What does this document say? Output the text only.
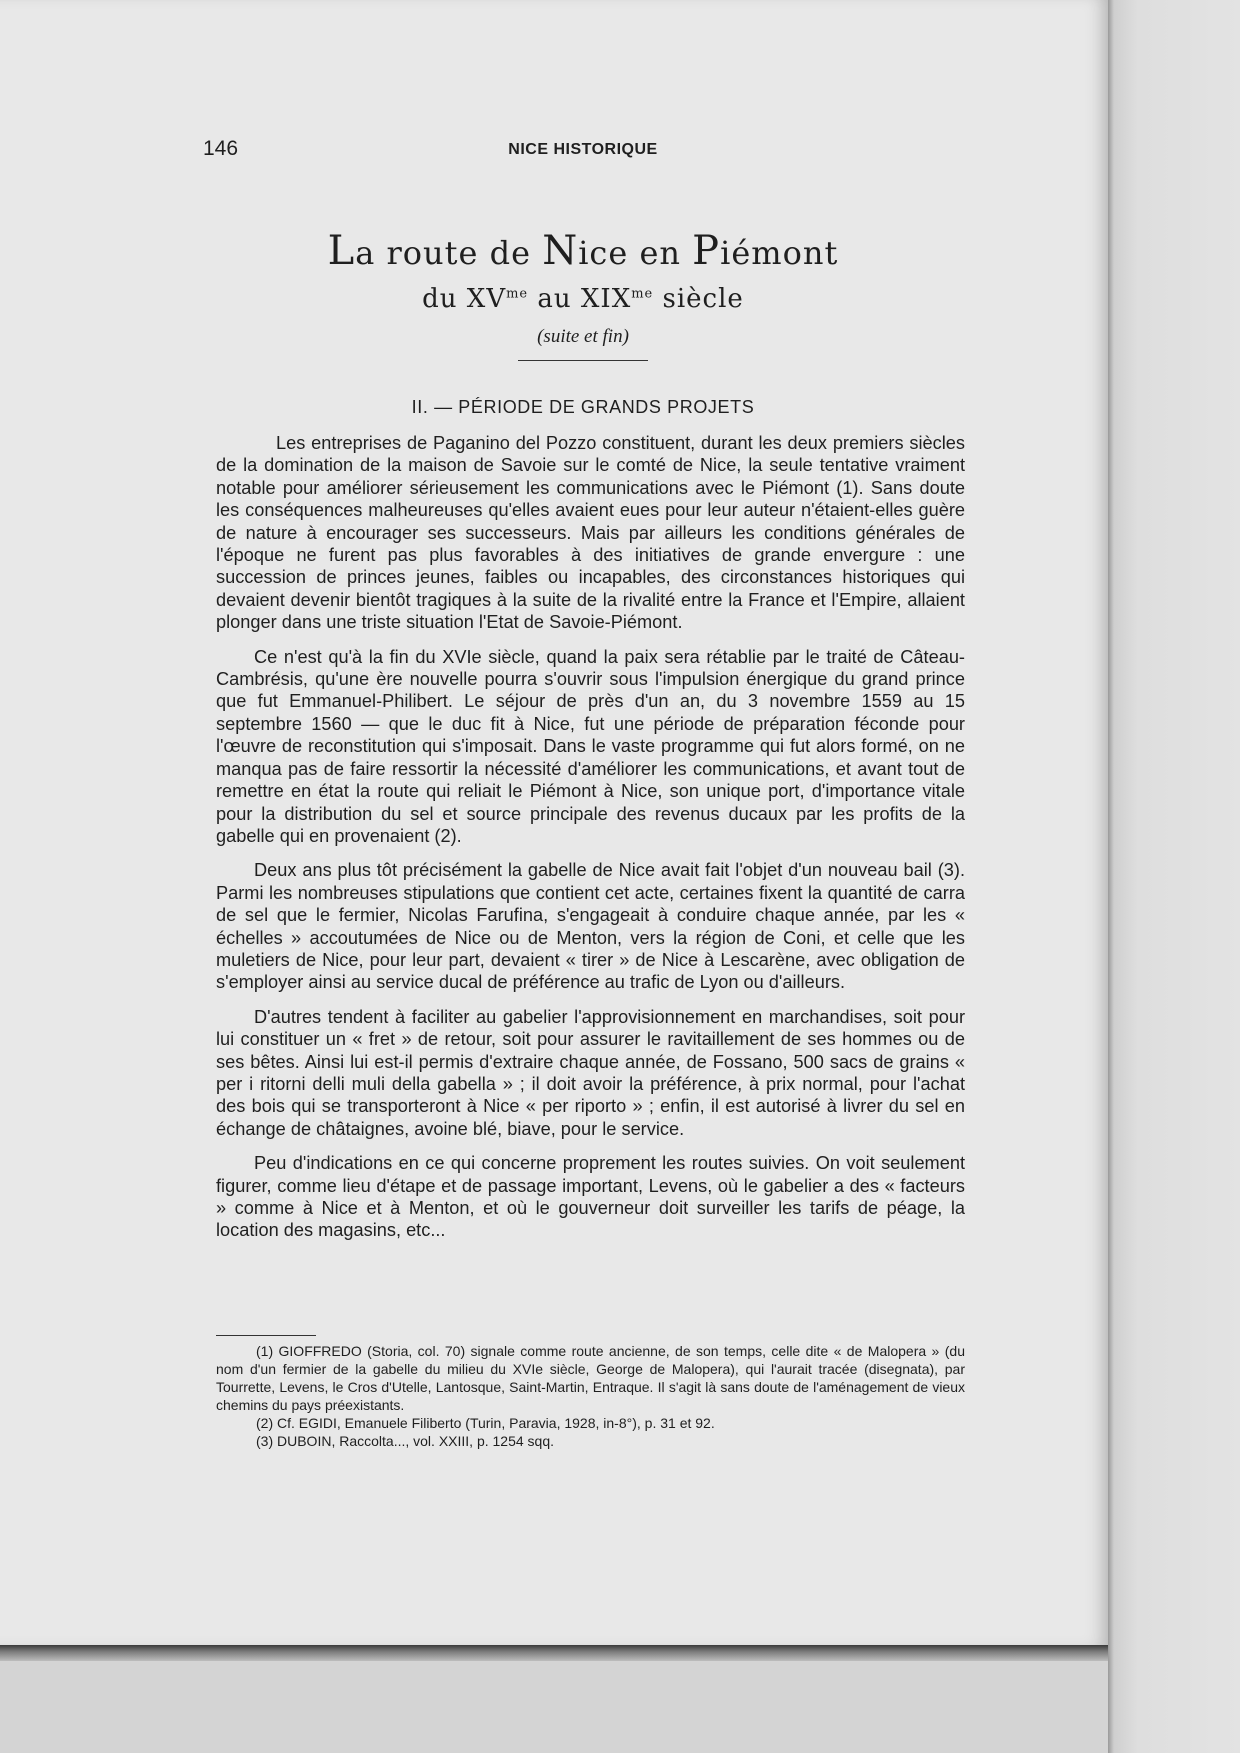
146	NICE HISTORIQUE
La route de Nice en Piémont
du $XV^{me}$ au $XIX^{me}$ siècle
(suite et fin)
II. — PÉRIODE DE GRANDS PROJETS

Les entreprises de Paganino del Pozzo constituent, durant les deux premiers siècles de la domination de la maison de Savoie sur le comté de Nice, la seule tentative vraiment notable pour améliorer sérieusement les communications avec le Piémont (1). Sans doute les conséquences malheureuses qu'elles avaient eues pour leur auteur n'étaient-elles guère de nature à encourager ses successeurs. Mais par ailleurs les conditions générales de l'époque ne furent pas plus favorables à des initiatives de grande envergure : une succession de princes jeunes, faibles ou incapables, des circonstances historiques qui devaient devenir bientôt tragiques à la suite de la rivalité entre la France et l'Empire, allaient plonger dans une triste situation l'Etat de Savoie-Piémont.

Ce n'est qu'à la fin du XVIe siècle, quand la paix sera rétablie par le traité de Câteau-Cambrésis, qu'une ère nouvelle pourra s'ouvrir sous l'impulsion énergique du grand prince que fut Emmanuel-Philibert. Le séjour de près d'un an, du 3 novembre 1559 au 15 septembre 1560 — que le duc fit à Nice, fut une période de préparation féconde pour l'œuvre de reconstitution qui s'imposait. Dans le vaste programme qui fut alors formé, on ne manqua pas de faire ressortir la nécessité d'améliorer les communications, et avant tout de remettre en état la route qui reliait le Piémont à Nice, son unique port, d'importance vitale pour la distribution du sel et source principale des revenus ducaux par les profits de la gabelle qui en provenaient (2).

Deux ans plus tôt précisément la gabelle de Nice avait fait l'objet d'un nouveau bail (3). Parmi les nombreuses stipulations que contient cet acte, certaines fixent la quantité de carra de sel que le fermier, Nicolas Farufina, s'engageait à conduire chaque année, par les « échelles » accoutumées de Nice ou de Menton, vers la région de Coni, et celle que les muletiers de Nice, pour leur part, devaient « tirer » de Nice à Lescarène, avec obligation de s'employer ainsi au service ducal de préférence au trafic de Lyon ou d'ailleurs.

D'autres tendent à faciliter au gabelier l'approvisionnement en marchandises, soit pour lui constituer un « fret » de retour, soit pour assurer le ravitaillement de ses hommes ou de ses bêtes. Ainsi lui est-il permis d'extraire chaque année, de Fossano, 500 sacs de grains « per i ritorni delli muli della gabella » ; il doit avoir la préférence, à prix normal, pour l'achat des bois qui se transporteront à Nice « per riporto » ; enfin, il est autorisé à livrer du sel en échange de châtaignes, avoine blé, biave, pour le service.

Peu d'indications en ce qui concerne proprement les routes suivies. On voit seulement figurer, comme lieu d'étape et de passage important, Levens, où le gabelier a des « facteurs » comme à Nice et à Menton, et où le gouverneur doit surveiller les tarifs de péage, la location des magasins, etc...

(1) GIOFFREDO (Storia, col. 70) signale comme route ancienne, de son temps, celle dite « de Malopera » (du nom d'un fermier de la gabelle du milieu du XVIe siècle, George de Malopera), qui l'aurait tracée (disegnata), par Tourrette, Levens, le Cros d'Utelle, Lantosque, Saint-Martin, Entraque. Il s'agit là sans doute de l'aménagement de vieux chemins du pays préexistants.

(2) Cf. EGIDI, Emanuele Filiberto (Turin, Paravia, 1928, in-8°), p. 31 et 92.

(3) DUBOIN, Raccolta..., vol. XXIII, p. 1254 sqq.
